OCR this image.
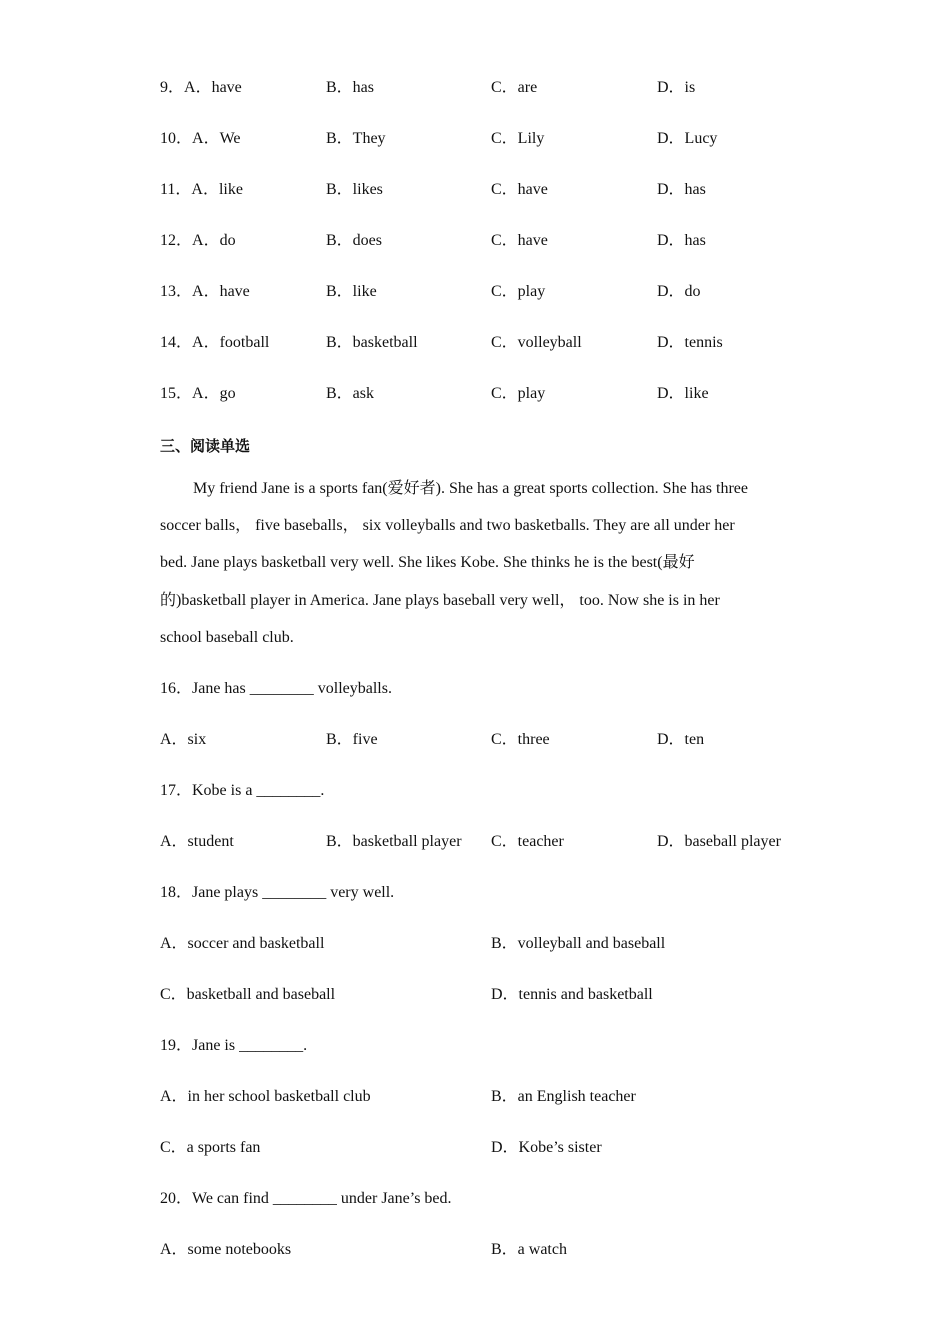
9．A．have	B．has	C．are	D．is
10．A．We	B．They	C．Lily	D．Lucy
11．A．like	B．likes	C．have	D．has
12．A．do	B．does	C．have	D．has
13．A．have	B．like	C．play	D．do
14．A．football	B．basketball	C．volleyball	D．tennis
15．A．go	B．ask	C．play	D．like
三、阅读单选
My friend Jane is a sports fan(爱好者). She has a great sports collection. She has three
soccer balls， five baseballs， six volleyballs and two basketballs. They are all under her
bed. Jane plays basketball very well. She likes Kobe. She thinks he is the best(最好
的)basketball player in America. Jane plays baseball very well， too. Now she is in her
school baseball club.
16．Jane has ________ volleyballs.
A．six	B．five	C．three	D．ten
17．Kobe is a ________.
A．student	B．basketball player C．teacher	D．baseball player
18．Jane plays ________ very well.
A．soccer and basketball	B．volleyball and baseball
C．basketball and baseball	D．tennis and basketball
19．Jane is ________.
A．in her school basketball club	B．an English teacher
C．a sports fan	D．Kobe’s sister
20．We can find ________ under Jane’s bed.
A．some notebooks	B．a watch
